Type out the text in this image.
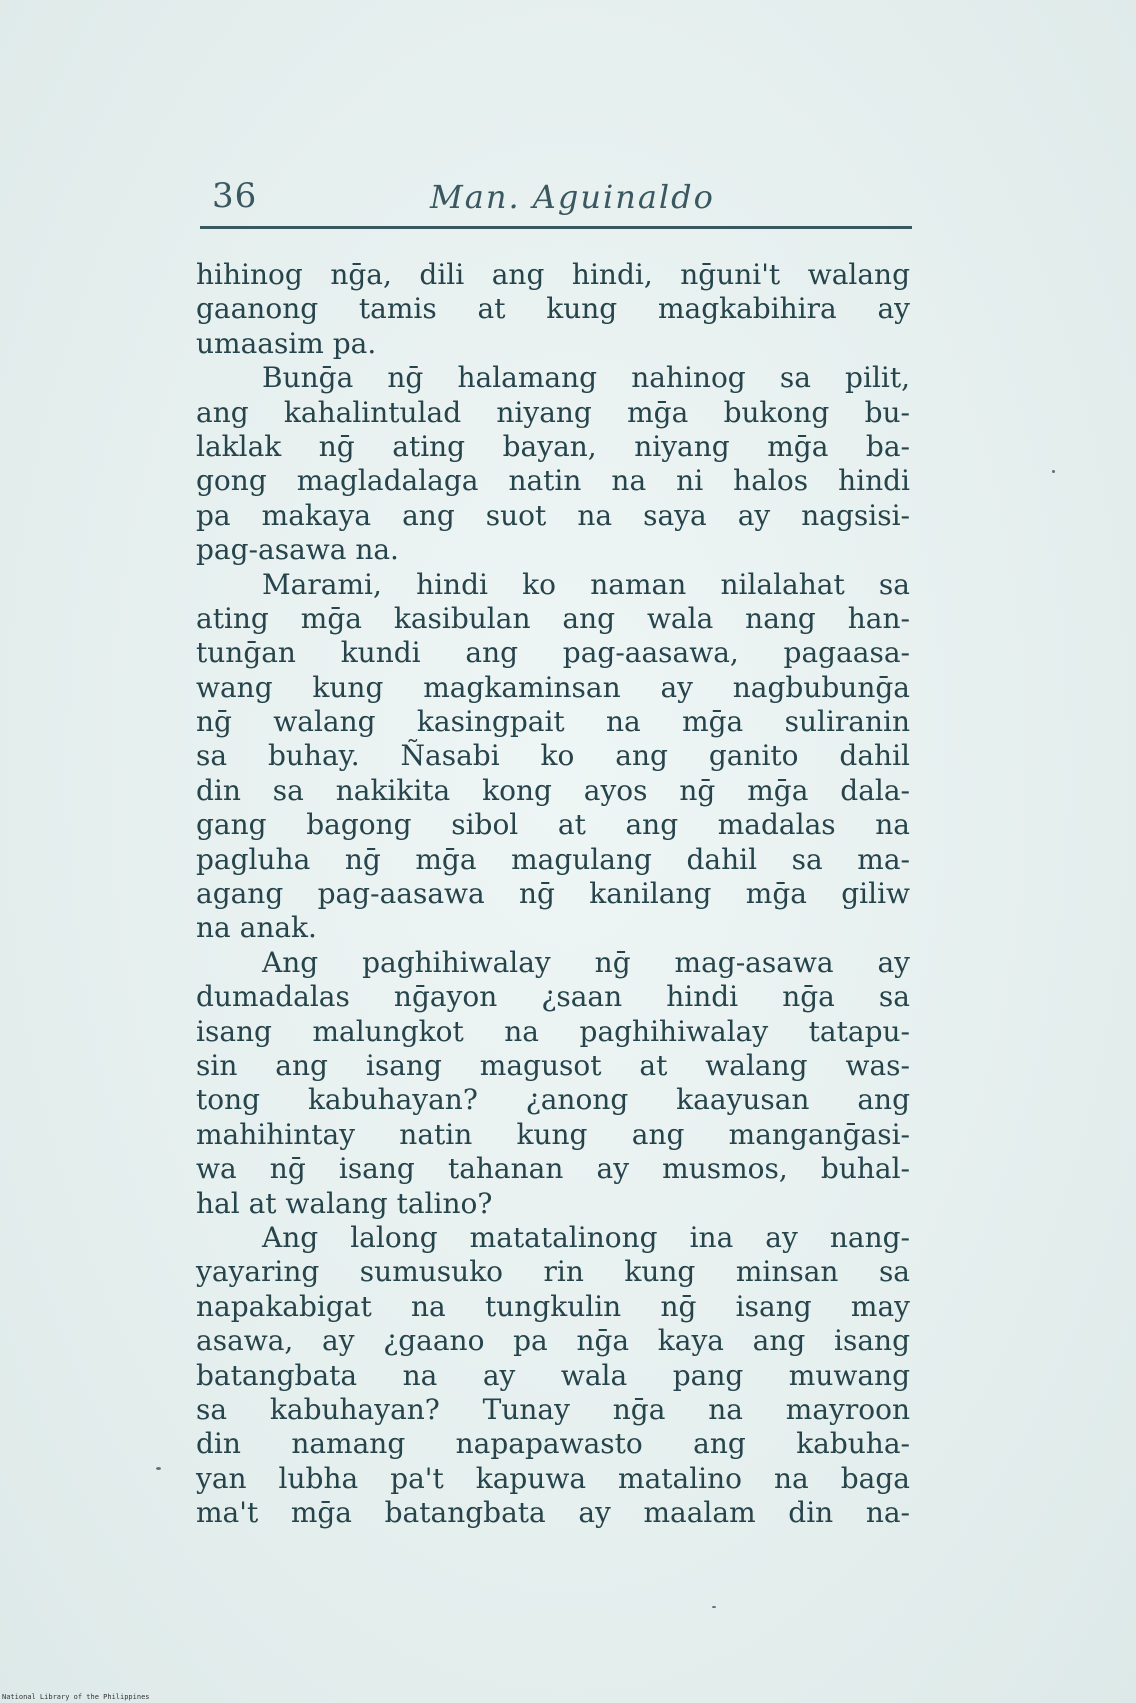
36	Man. Aguinaldo
hihinog nḡa, dili ang hindi, nḡuni't walang
gaanong tamis at kung magkabihira ay
umaasim pa.
Bunḡa nḡ halamang nahinog sa pilit,
ang kahalintulad niyang mḡa bukong bu-
laklak nḡ ating bayan, niyang mḡa ba-
gong magladalaga natin na ni halos hindi
pa makaya ang suot na saya ay nagsisi-
pag-asawa na.
Marami, hindi ko naman nilalahat sa
ating mḡa kasibulan ang wala nang han-
tunḡan kundi ang pag-aasawa, pagaasa-
wang kung magkaminsan ay nagbubunḡa
nḡ walang kasingpait na mḡa suliranin
sa buhay. Ñasabi ko ang ganito dahil
din sa nakikita kong ayos nḡ mḡa dala-
gang bagong sibol at ang madalas na
pagluha nḡ mḡa magulang dahil sa ma-
agang pag-aasawa nḡ kanilang mḡa giliw
na anak.
Ang paghihiwalay nḡ mag-asawa ay
dumadalas nḡayon ¿saan hindi nḡa sa
isang malungkot na paghihiwalay tatapu-
sin ang isang magusot at walang was-
tong kabuhayan? ¿anong kaayusan ang
mahihintay natin kung ang manganḡasi-
wa nḡ isang tahanan ay musmos, buhal-
hal at walang talino?
Ang lalong matatalinong ina ay nang-
yayaring sumusuko rin kung minsan sa
napakabigat na tungkulin nḡ isang may
asawa, ay ¿gaano pa nḡa kaya ang isang
batangbata na ay wala pang muwang
sa kabuhayan? Tunay nḡa na mayroon
din namang napapawasto ang kabuha-
yan lubha pa't kapuwa matalino na baga
ma't mḡa batangbata ay maalam din na-
National Library of the Philippines
